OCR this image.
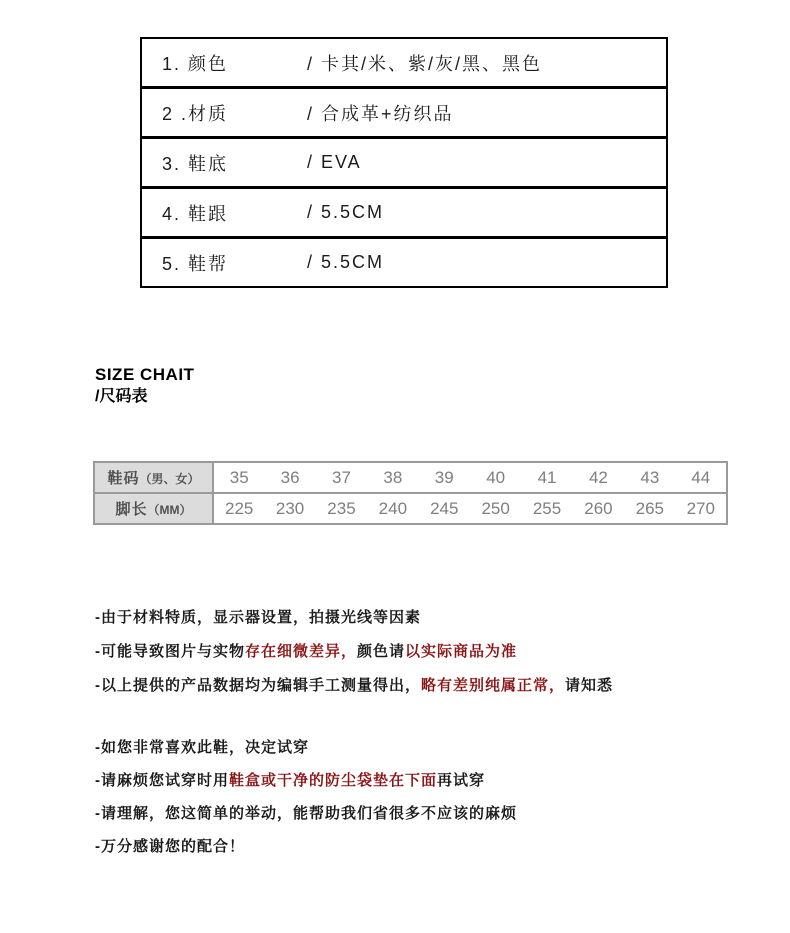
1. 颜色	/ 卡其/米、紫/灰/黑、黑色
2 .材质	/ 合成革+纺织品
3. 鞋底	/ EVA
4. 鞋跟	/ 5.5CM
5. 鞋帮	/ 5.5CM
SIZE CHAIT
/尺码表
鞋码（男、女）	35	36	37	38	39	40	41	42	43	44
脚长（MM）	225	230	235	240	245	250	255	260	265	270

-由于材料特质，显示器设置，拍摄光线等因素

-可能导致图片与实物存在细微差异，颜色请以实际商品为准

-以上提供的产品数据均为编辑手工测量得出，略有差别纯属正常，请知悉

-如您非常喜欢此鞋，决定试穿

-请麻烦您试穿时用鞋盒或干净的防尘袋垫在下面再试穿

-请理解，您这简单的举动，能帮助我们省很多不应该的麻烦

-万分感谢您的配合！
